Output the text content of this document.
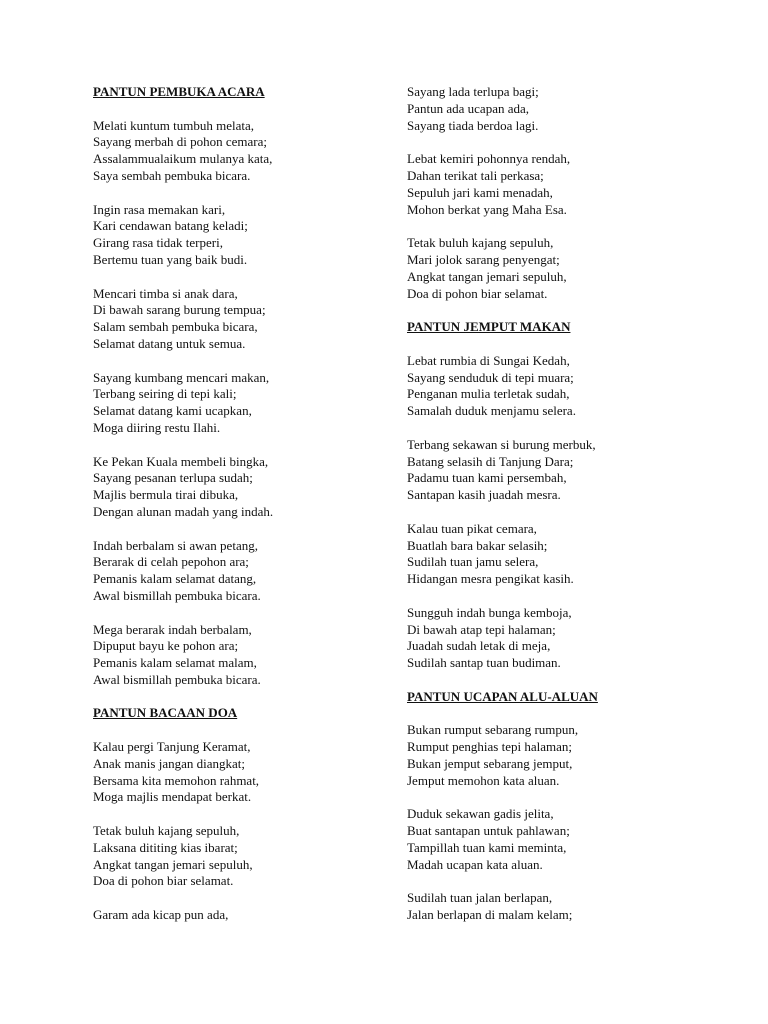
PANTUN PEMBUKA ACARA
Melati kuntum tumbuh melata,
Sayang merbah di pohon cemara;
Assalammualaikum mulanya kata,
Saya sembah pembuka bicara.
Ingin rasa memakan kari,
Kari cendawan batang keladi;
Girang rasa tidak terperi,
Bertemu tuan yang baik budi.
Mencari timba si anak dara,
Di bawah sarang burung tempua;
Salam sembah pembuka bicara,
Selamat datang untuk semua.
Sayang kumbang mencari makan,
Terbang seiring di tepi kali;
Selamat datang kami ucapkan,
Moga diiring restu Ilahi.
Ke Pekan Kuala membeli bingka,
Sayang pesanan terlupa sudah;
Majlis bermula tirai dibuka,
Dengan alunan madah yang indah.
Indah berbalam si awan petang,
Berarak di celah pepohon ara;
Pemanis kalam selamat datang,
Awal bismillah pembuka bicara.
Mega berarak indah berbalam,
Dipuput bayu ke pohon ara;
Pemanis kalam selamat malam,
Awal bismillah pembuka bicara.
PANTUN BACAAN DOA
Kalau pergi Tanjung Keramat,
Anak manis jangan diangkat;
Bersama kita memohon rahmat,
Moga majlis mendapat berkat.
Tetak buluh kajang sepuluh,
Laksana dititing kias ibarat;
Angkat tangan jemari sepuluh,
Doa di pohon biar selamat.
Garam ada kicap pun ada,
Sayang lada terlupa bagi;
Pantun ada ucapan ada,
Sayang tiada berdoa lagi.
Lebat kemiri pohonnya rendah,
Dahan terikat tali perkasa;
Sepuluh jari kami menadah,
Mohon berkat yang Maha Esa.
Tetak buluh kajang sepuluh,
Mari jolok sarang penyengat;
Angkat tangan jemari sepuluh,
Doa di pohon biar selamat.
PANTUN JEMPUT MAKAN
Lebat rumbia di Sungai Kedah,
Sayang senduduk di tepi muara;
Penganan mulia terletak sudah,
Samalah duduk menjamu selera.
Terbang sekawan si burung merbuk,
Batang selasih di Tanjung Dara;
Padamu tuan kami persembah,
Santapan kasih juadah mesra.
Kalau tuan pikat cemara,
Buatlah bara bakar selasih;
Sudilah tuan jamu selera,
Hidangan mesra pengikat kasih.
Sungguh indah bunga kemboja,
Di bawah atap tepi halaman;
Juadah sudah letak di meja,
Sudilah santap tuan budiman.
PANTUN UCAPAN ALU-ALUAN
Bukan rumput sebarang rumpun,
Rumput penghias tepi halaman;
Bukan jemput sebarang jemput,
Jemput memohon kata aluan.
Duduk sekawan gadis jelita,
Buat santapan untuk pahlawan;
Tampillah tuan kami meminta,
Madah ucapan kata aluan.
Sudilah tuan jalan berlapan,
Jalan berlapan di malam kelam;
